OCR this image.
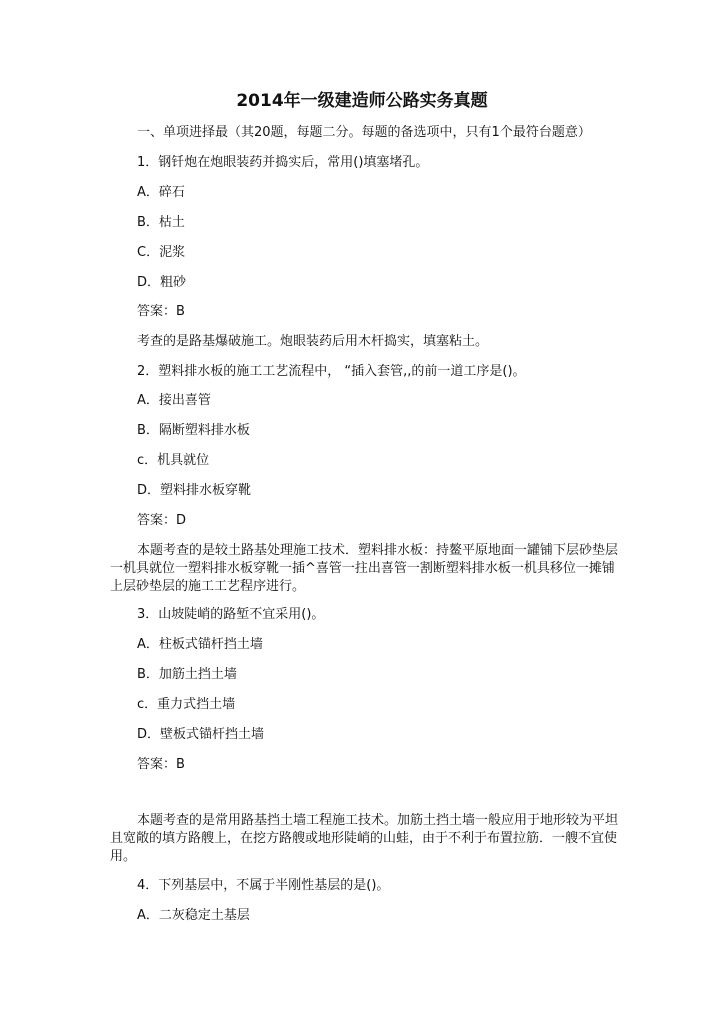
2014年一级建造师公路实务真题
一、单项进择最（其20题，每题二分。每题的备选项中，只有1个最符台题意）
1．钢钎炮在炮眼装药并捣实后，常用()填塞堵孔。
A．碎石
B．枯土
C．泥浆
D．粗砂
答案：B
考查的是路基爆破施工。炮眼装药后用木杆捣实，填塞粘土。
2．塑料排水板的施工工艺流程中， “插入套管,,的前一道工序是()。
A．接出喜管
B．隔断塑料排水板
c．机具就位
D．塑料排水板穿靴
答案：D
本题考查的是较土路基处理施工技术．塑料排水板：持鳌平原地面一罐铺下层砂垫层一机具就位一塑料排水板穿靴一插^喜管一拄出喜管一割断塑料排水板一机具移位一摊铺上层砂垫层的施工工艺程序进行。
3．山坡陡峭的路堑不宜采用()。
A．柱板式锚杆挡土墙
B．加筋土挡土墙
c．重力式挡土墙
D．壁板式锚杆挡土墙
答案：B
本题考查的是常用路基挡土墙工程施工技术。加筋土挡土墙一般应用于地形较为平坦且宽敞的填方路艘上，在挖方路艘或地形陡峭的山蛙，由于不利于布置拉筋．一艘不宜使用。
4．下列基层中，不属于半刚性基层的是()。
A．二灰稳定土基层
